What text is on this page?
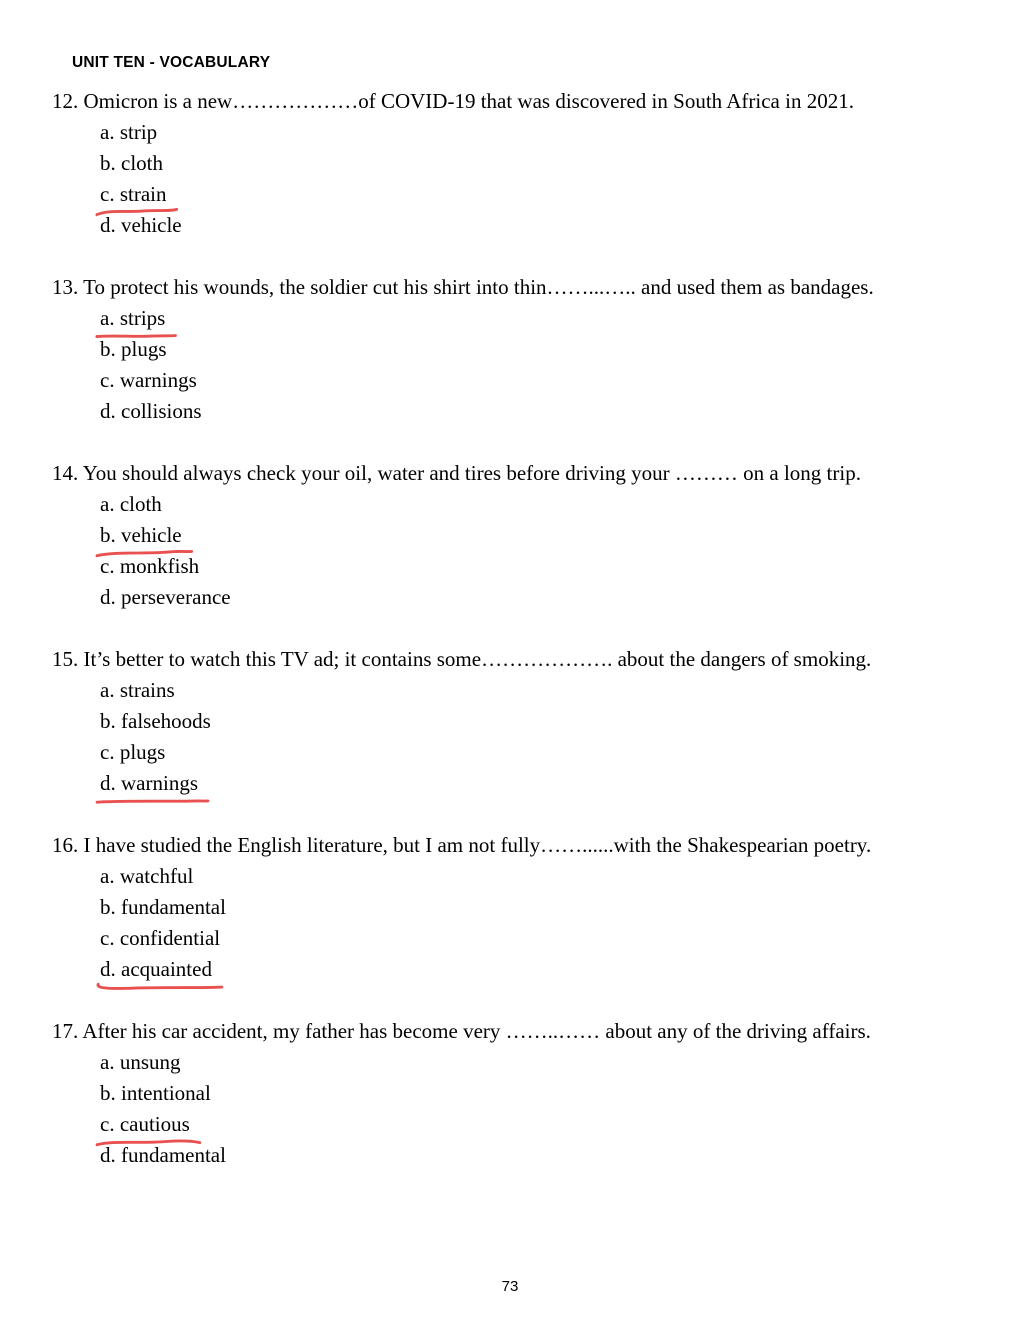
UNIT TEN - VOCABULARY
12. Omicron is a new………………of COVID-19 that was discovered in South Africa in 2021.
a. strip
b. cloth
c. strain
d. vehicle
13. To protect his wounds, the soldier cut his shirt into thin……...….. and used them as bandages.
a. strips
b. plugs
c. warnings
d. collisions
14. You should always check your oil, water and tires before driving your ……… on a long trip.
a. cloth
b. vehicle
c. monkfish
d. perseverance
15. It’s better to watch this TV ad; it contains some………………. about the dangers of smoking.
a. strains
b. falsehoods
c. plugs
d. warnings
16. I have studied the English literature, but I am not fully……......with the Shakespearian poetry.
a. watchful
b. fundamental
c. confidential
d. acquainted
17. After his car accident, my father has become very ……..…… about any of the driving affairs.
a. unsung
b. intentional
c. cautious
d. fundamental
73
